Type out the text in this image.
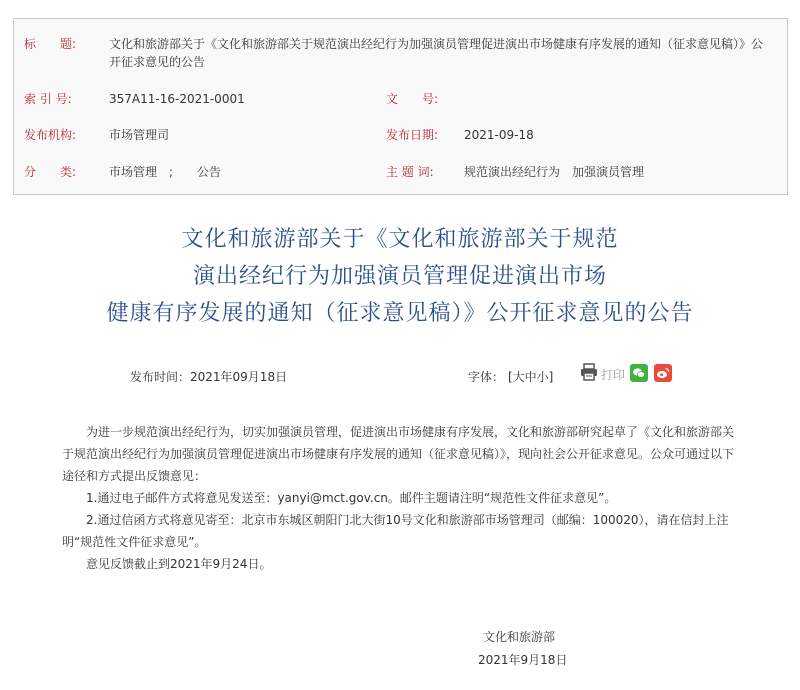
标　　题:	文化和旅游部关于《文化和旅游部关于规范演出经纪行为加强演员管理促进演出市场健康有序发展的通知（征求意见稿）》公开征求意见的公告
索 引 号:	357A11-16-2021-0001	文　　号:
发布机构:	市场管理司	发布日期: 2021-09-18
分　　类:	市场管理　;　　公告	主 题 词:	规范演出经纪行为　加强演员管理
文化和旅游部关于《文化和旅游部关于规范
演出经纪行为加强演员管理促进演出市场
健康有序发展的通知（征求意见稿）》公开征求意见的公告
发布时间：2021年09月18日	字体： [大中小]	打印

　　为进一步规范演出经纪行为，切实加强演员管理，促进演出市场健康有序发展，文化和旅游部研究起草了《文化和旅游部关于规范演出经纪行为加强演员管理促进演出市场健康有序发展的通知（征求意见稿）》，现向社会公开征求意见。公众可通过以下途径和方式提出反馈意见：

　　1.通过电子邮件方式将意见发送至：yanyi@mct.gov.cn。邮件主题请注明“规范性文件征求意见”。

　　2.通过信函方式将意见寄至：北京市东城区朝阳门北大街10号文化和旅游部市场管理司（邮编：100020），请在信封上注明“规范性文件征求意见”。

　　意见反馈截止到2021年9月24日。

文化和旅游部
2021年9月18日
